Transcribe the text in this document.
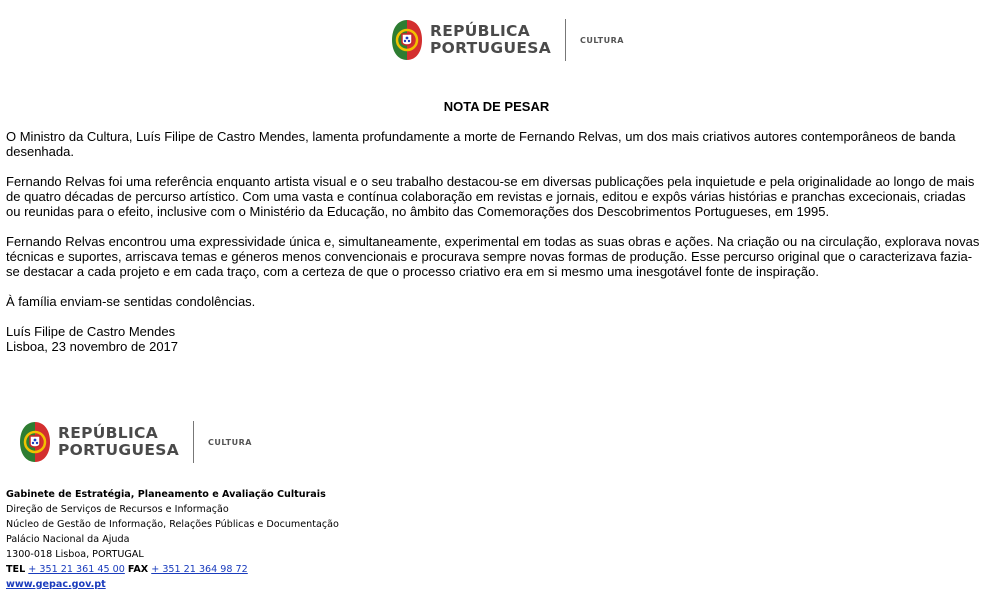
REPÚBLICA
PORTUGUESA	CULTURA
NOTA DE PESAR

O Ministro da Cultura, Luís Filipe de Castro Mendes, lamenta profundamente a morte de Fernando Relvas, um dos mais criativos autores contemporâneos de banda desenhada.

Fernando Relvas foi uma referência enquanto artista visual e o seu trabalho destacou-se em diversas publicações pela inquietude e pela originalidade ao longo de mais de quatro décadas de percurso artístico. Com uma vasta e contínua colaboração em revistas e jornais, editou e expôs várias histórias e pranchas excecionais, criadas ou reunidas para o efeito, inclusive com o Ministério da Educação, no âmbito das Comemorações dos Descobrimentos Portugueses, em 1995.

Fernando Relvas encontrou uma expressividade única e, simultaneamente, experimental em todas as suas obras e ações. Na criação ou na circulação, explorava novas técnicas e suportes, arriscava temas e géneros menos convencionais e procurava sempre novas formas de produção. Esse percurso original que o caracterizava fazia-se destacar a cada projeto e em cada traço, com a certeza de que o processo criativo era em si mesmo uma inesgotável fonte de inspiração.

À família enviam-se sentidas condolências.

Luís Filipe de Castro Mendes
Lisboa, 23 novembro de 2017
REPÚBLICA
PORTUGUESA	CULTURA
Gabinete de Estratégia, Planeamento e Avaliação Culturais
Direção de Serviços de Recursos e Informação
Núcleo de Gestão de Informação, Relações Públicas e Documentação
Palácio Nacional da Ajuda
1300-018 Lisboa, PORTUGAL
TEL + 351 21 361 45 00 FAX + 351 21 364 98 72
www.gepac.gov.pt
